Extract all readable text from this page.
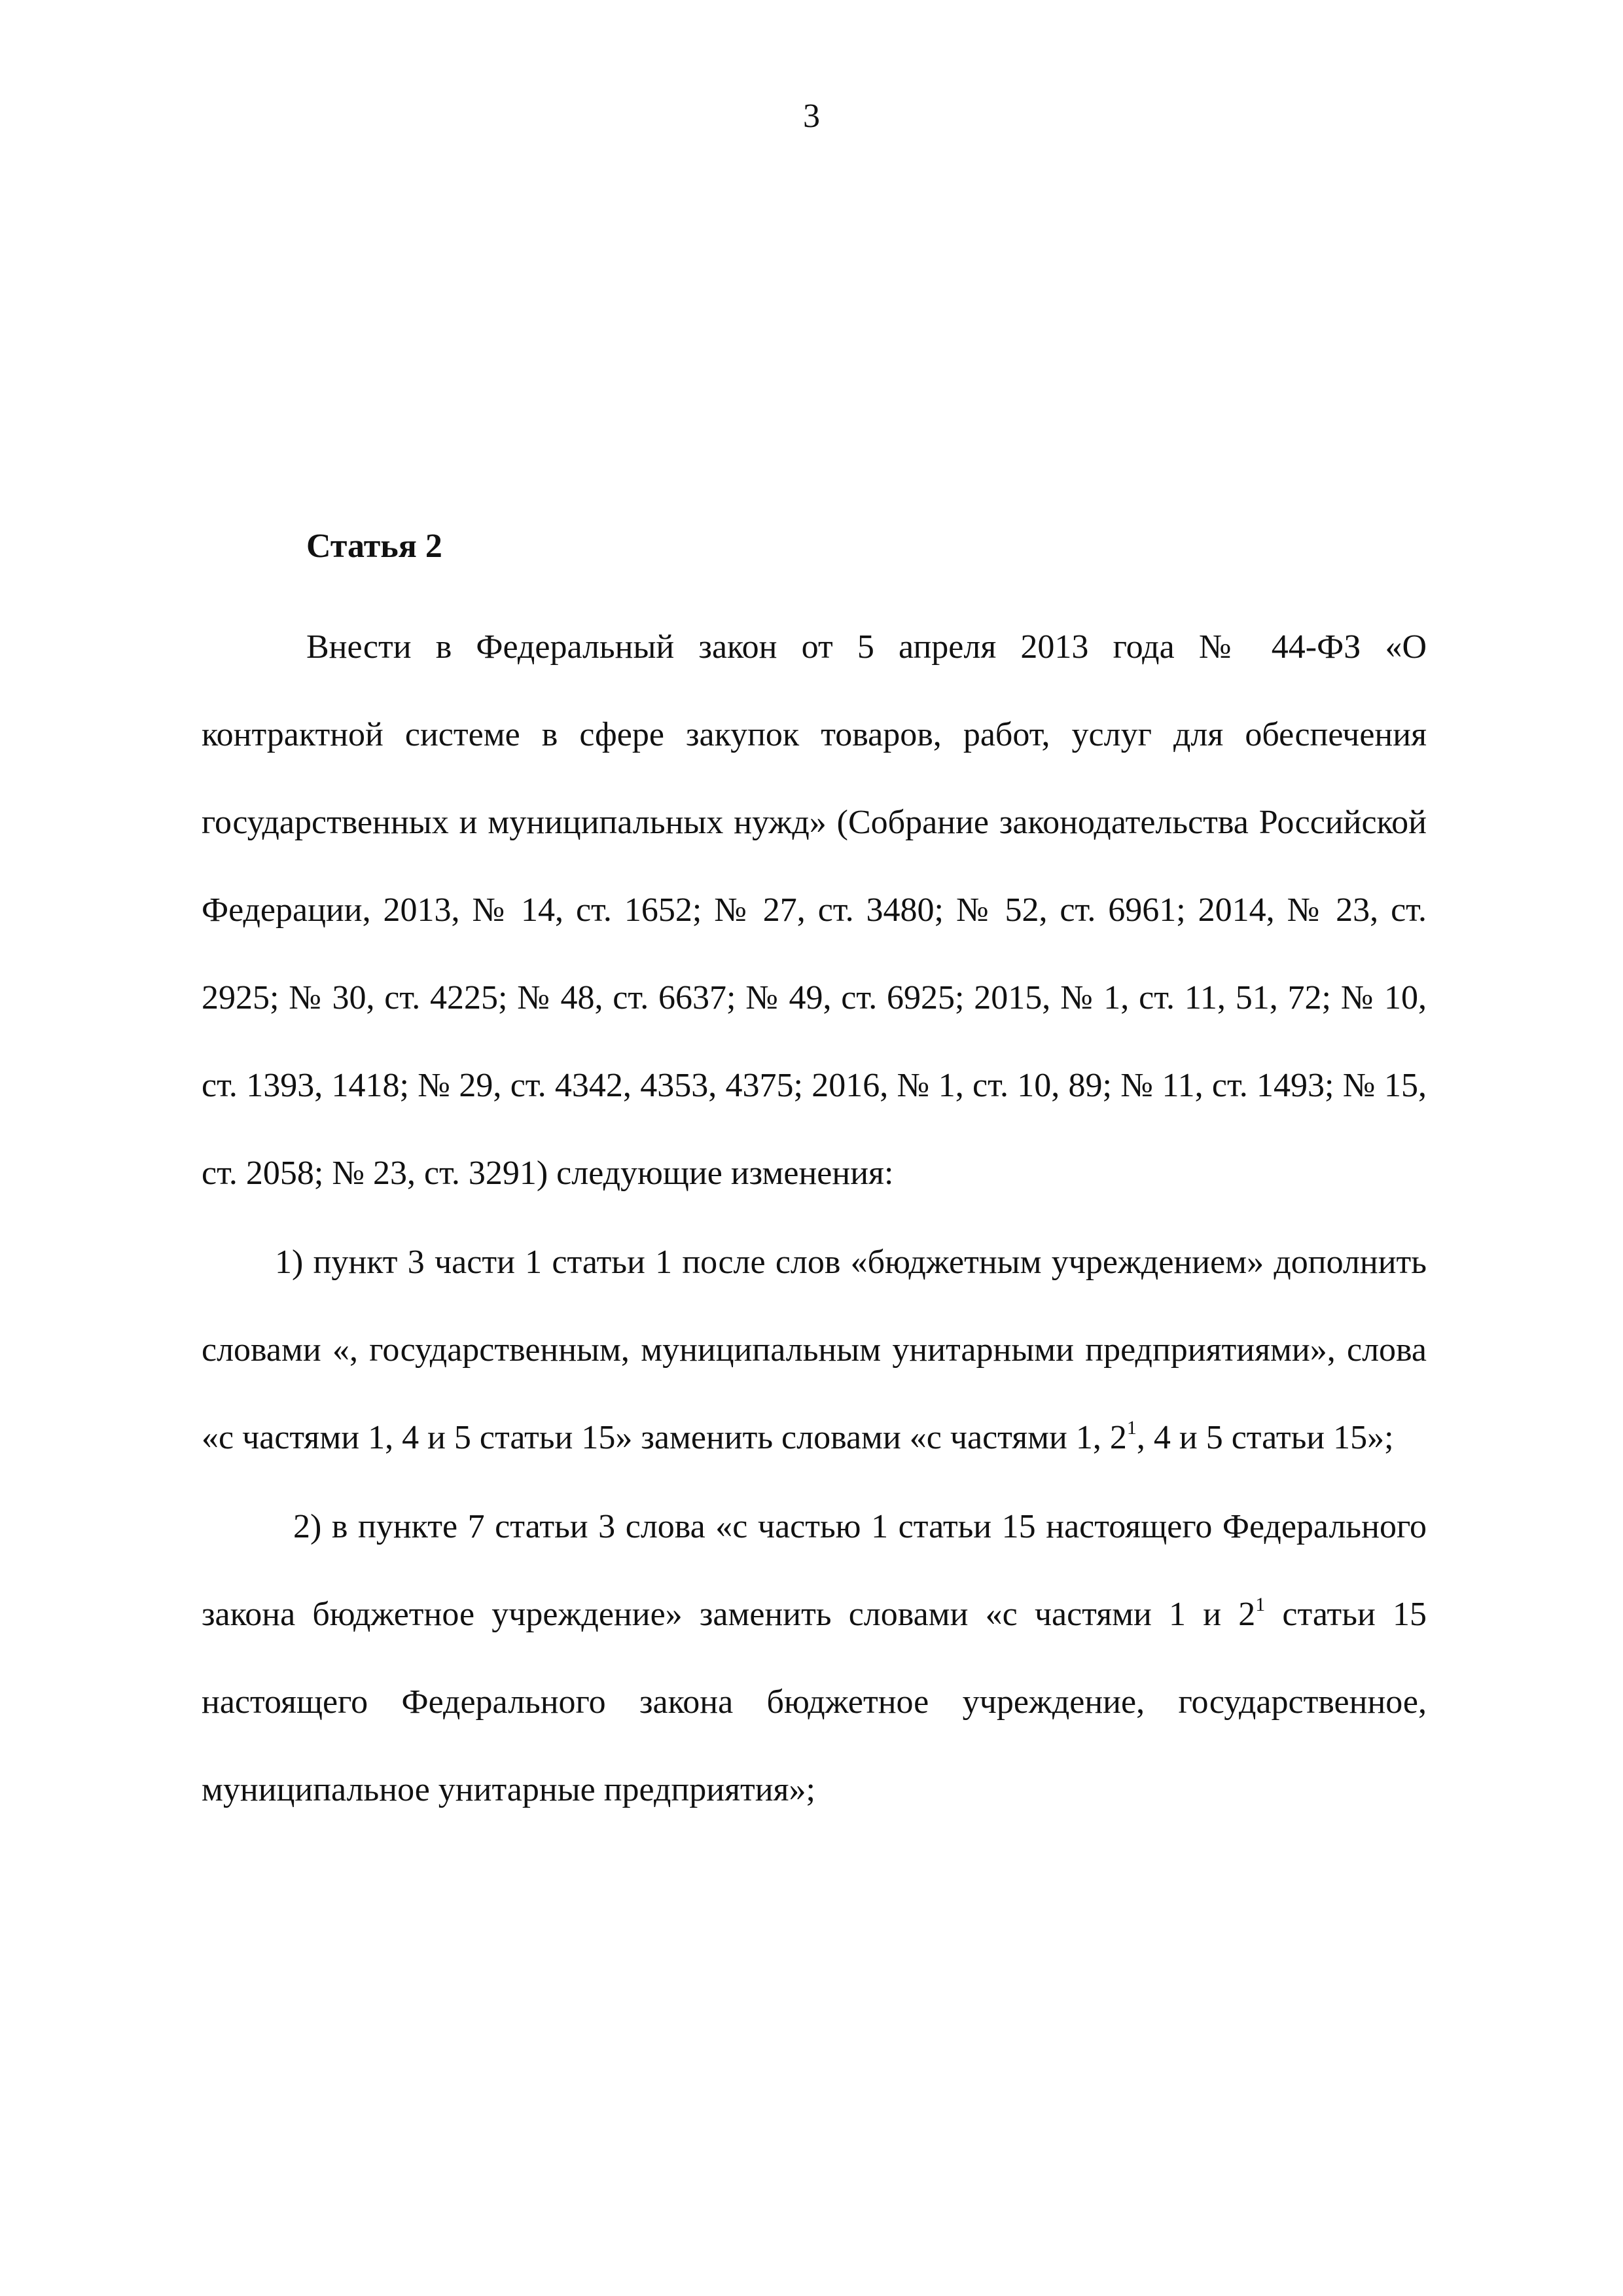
3
Статья 2

Внести в Федеральный закон от 5 апреля 2013 года № 44-ФЗ «О контрактной системе в сфере закупок товаров, работ, услуг для обеспечения государственных и муниципальных нужд» (Собрание законодательства Российской Федерации, 2013, № 14, ст. 1652; № 27, ст. 3480; № 52, ст. 6961; 2014, № 23, ст. 2925; № 30, ст. 4225; № 48, ст. 6637; № 49, ст. 6925; 2015, № 1, ст. 11, 51, 72; № 10, ст. 1393, 1418; № 29, ст. 4342, 4353, 4375; 2016, № 1, ст. 10, 89; № 11, ст. 1493; № 15, ст. 2058; № 23, ст. 3291) следующие изменения:

1) пункт 3 части 1 статьи 1 после слов «бюджетным учреждением» дополнить словами «, государственным, муниципальным унитарными предприятиями», слова «с частями 1, 4 и 5 статьи 15» заменить словами «с частями 1, $2^1$, 4 и 5 статьи 15»;

2) в пункте 7 статьи 3 слова «с частью 1 статьи 15 настоящего Федерального закона бюджетное учреждение» заменить словами «с частями 1 и $2^1$ статьи 15 настоящего Федерального закона бюджетное учреждение, государственное, муниципальное унитарные предприятия»;
